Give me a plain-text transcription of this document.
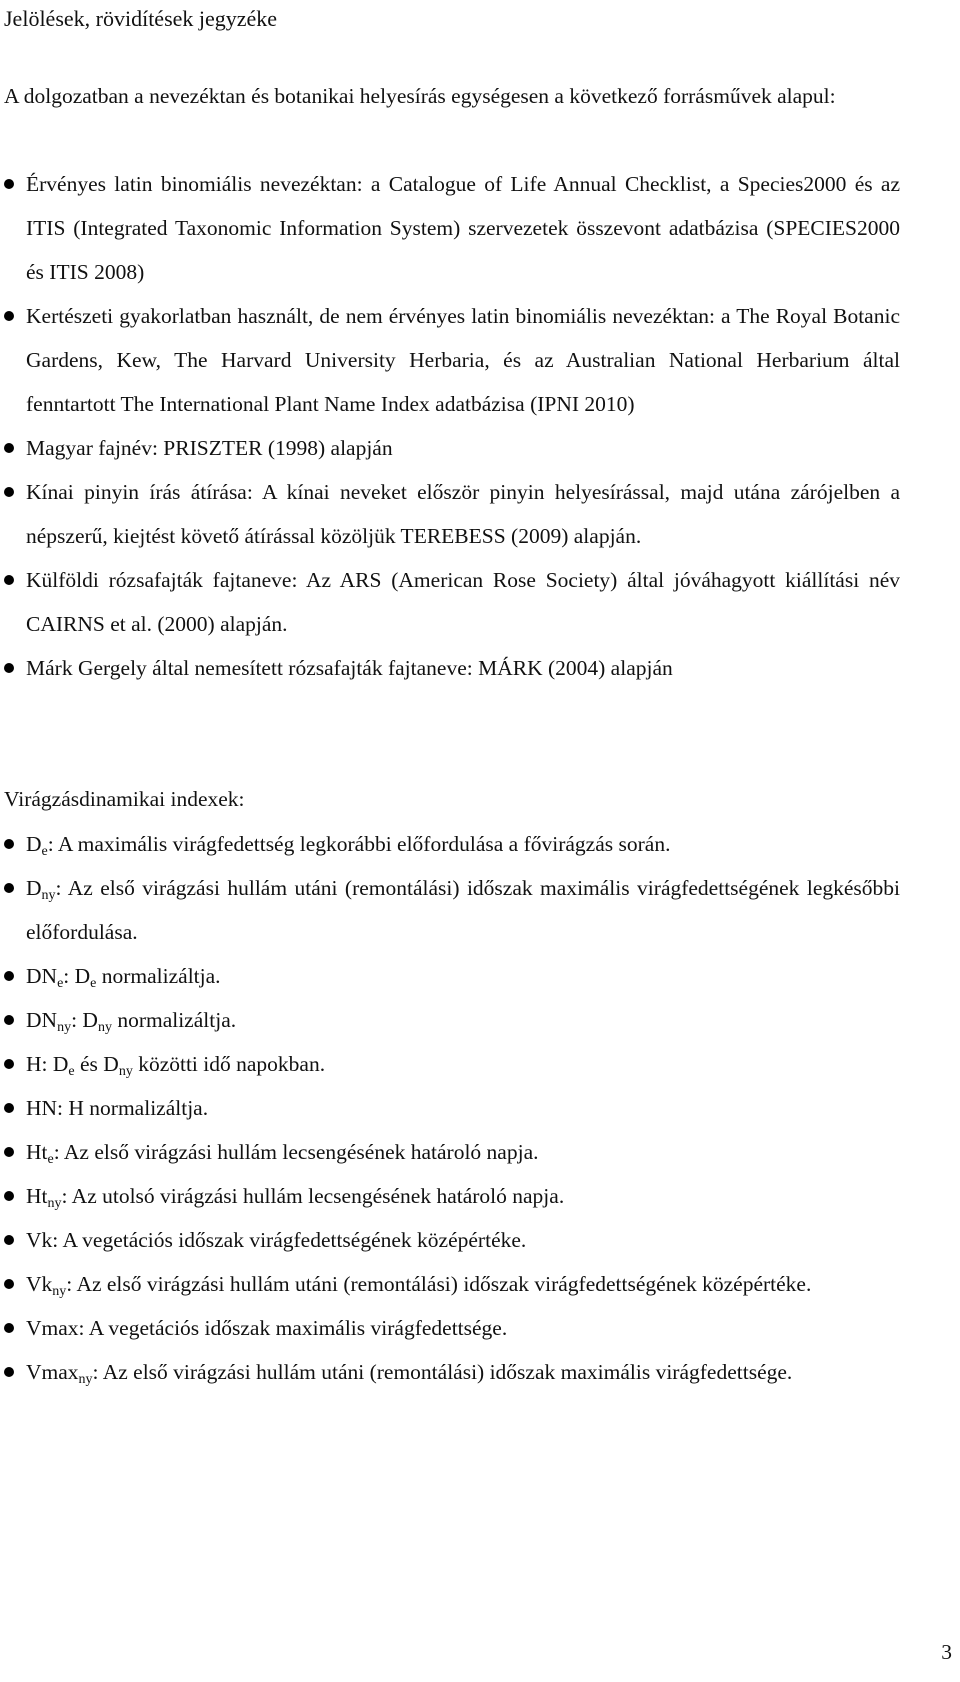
Jelölések, rövidítések jegyzéke

A dolgozatban a nevezéktan és botanikai helyesírás egységesen a következő forrásművek alapul:

Érvényes latin binomiális nevezéktan: a Catalogue of Life Annual Checklist, a Species2000 és az ITIS (Integrated Taxonomic Information System) szervezetek összevont adatbázisa (SPECIES2000 és ITIS 2008)
Kertészeti gyakorlatban használt, de nem érvényes latin binomiális nevezéktan: a The Royal Botanic Gardens, Kew, The Harvard University Herbaria, és az Australian National Herbarium által fenntartott The International Plant Name Index adatbázisa (IPNI 2010)
Magyar fajnév: PRISZTER (1998) alapján
Kínai pinyin írás átírása: A kínai neveket először pinyin helyesírással, majd utána zárójelben a népszerű, kiejtést követő átírással közöljük TEREBESS (2009) alapján.
Külföldi rózsafajták fajtaneve: Az ARS (American Rose Society) által jóváhagyott kiállítási név CAIRNS et al. (2000) alapján.
Márk Gergely által nemesített rózsafajták fajtaneve: MÁRK (2004) alapján
Virágzásdinamikai indexek:
$D_e$: A maximális virágfedettség legkorábbi előfordulása a fővirágzás során.
$D_{ny}$: Az első virágzási hullám utáni (remontálási) időszak maximális virágfedettségének legkésőbbi előfordulása.
$DN_e$: $D_e$ normalizáltja.
$DN_{ny}$: $D_{ny}$ normalizáltja.
H: $D_e$ és $D_{ny}$ közötti idő napokban.
HN: H normalizáltja.
$Ht_e$: Az első virágzási hullám lecsengésének határoló napja.
$Ht_{ny}$: Az utolsó virágzási hullám lecsengésének határoló napja.
Vk: A vegetációs időszak virágfedettségének középértéke.
$Vk_{ny}$: Az első virágzási hullám utáni (remontálási) időszak virágfedettségének középértéke.
Vmax: A vegetációs időszak maximális virágfedettsége.
Vmax$_{ny}$: Az első virágzási hullám utáni (remontálási) időszak maximális virágfedettsége.
3
